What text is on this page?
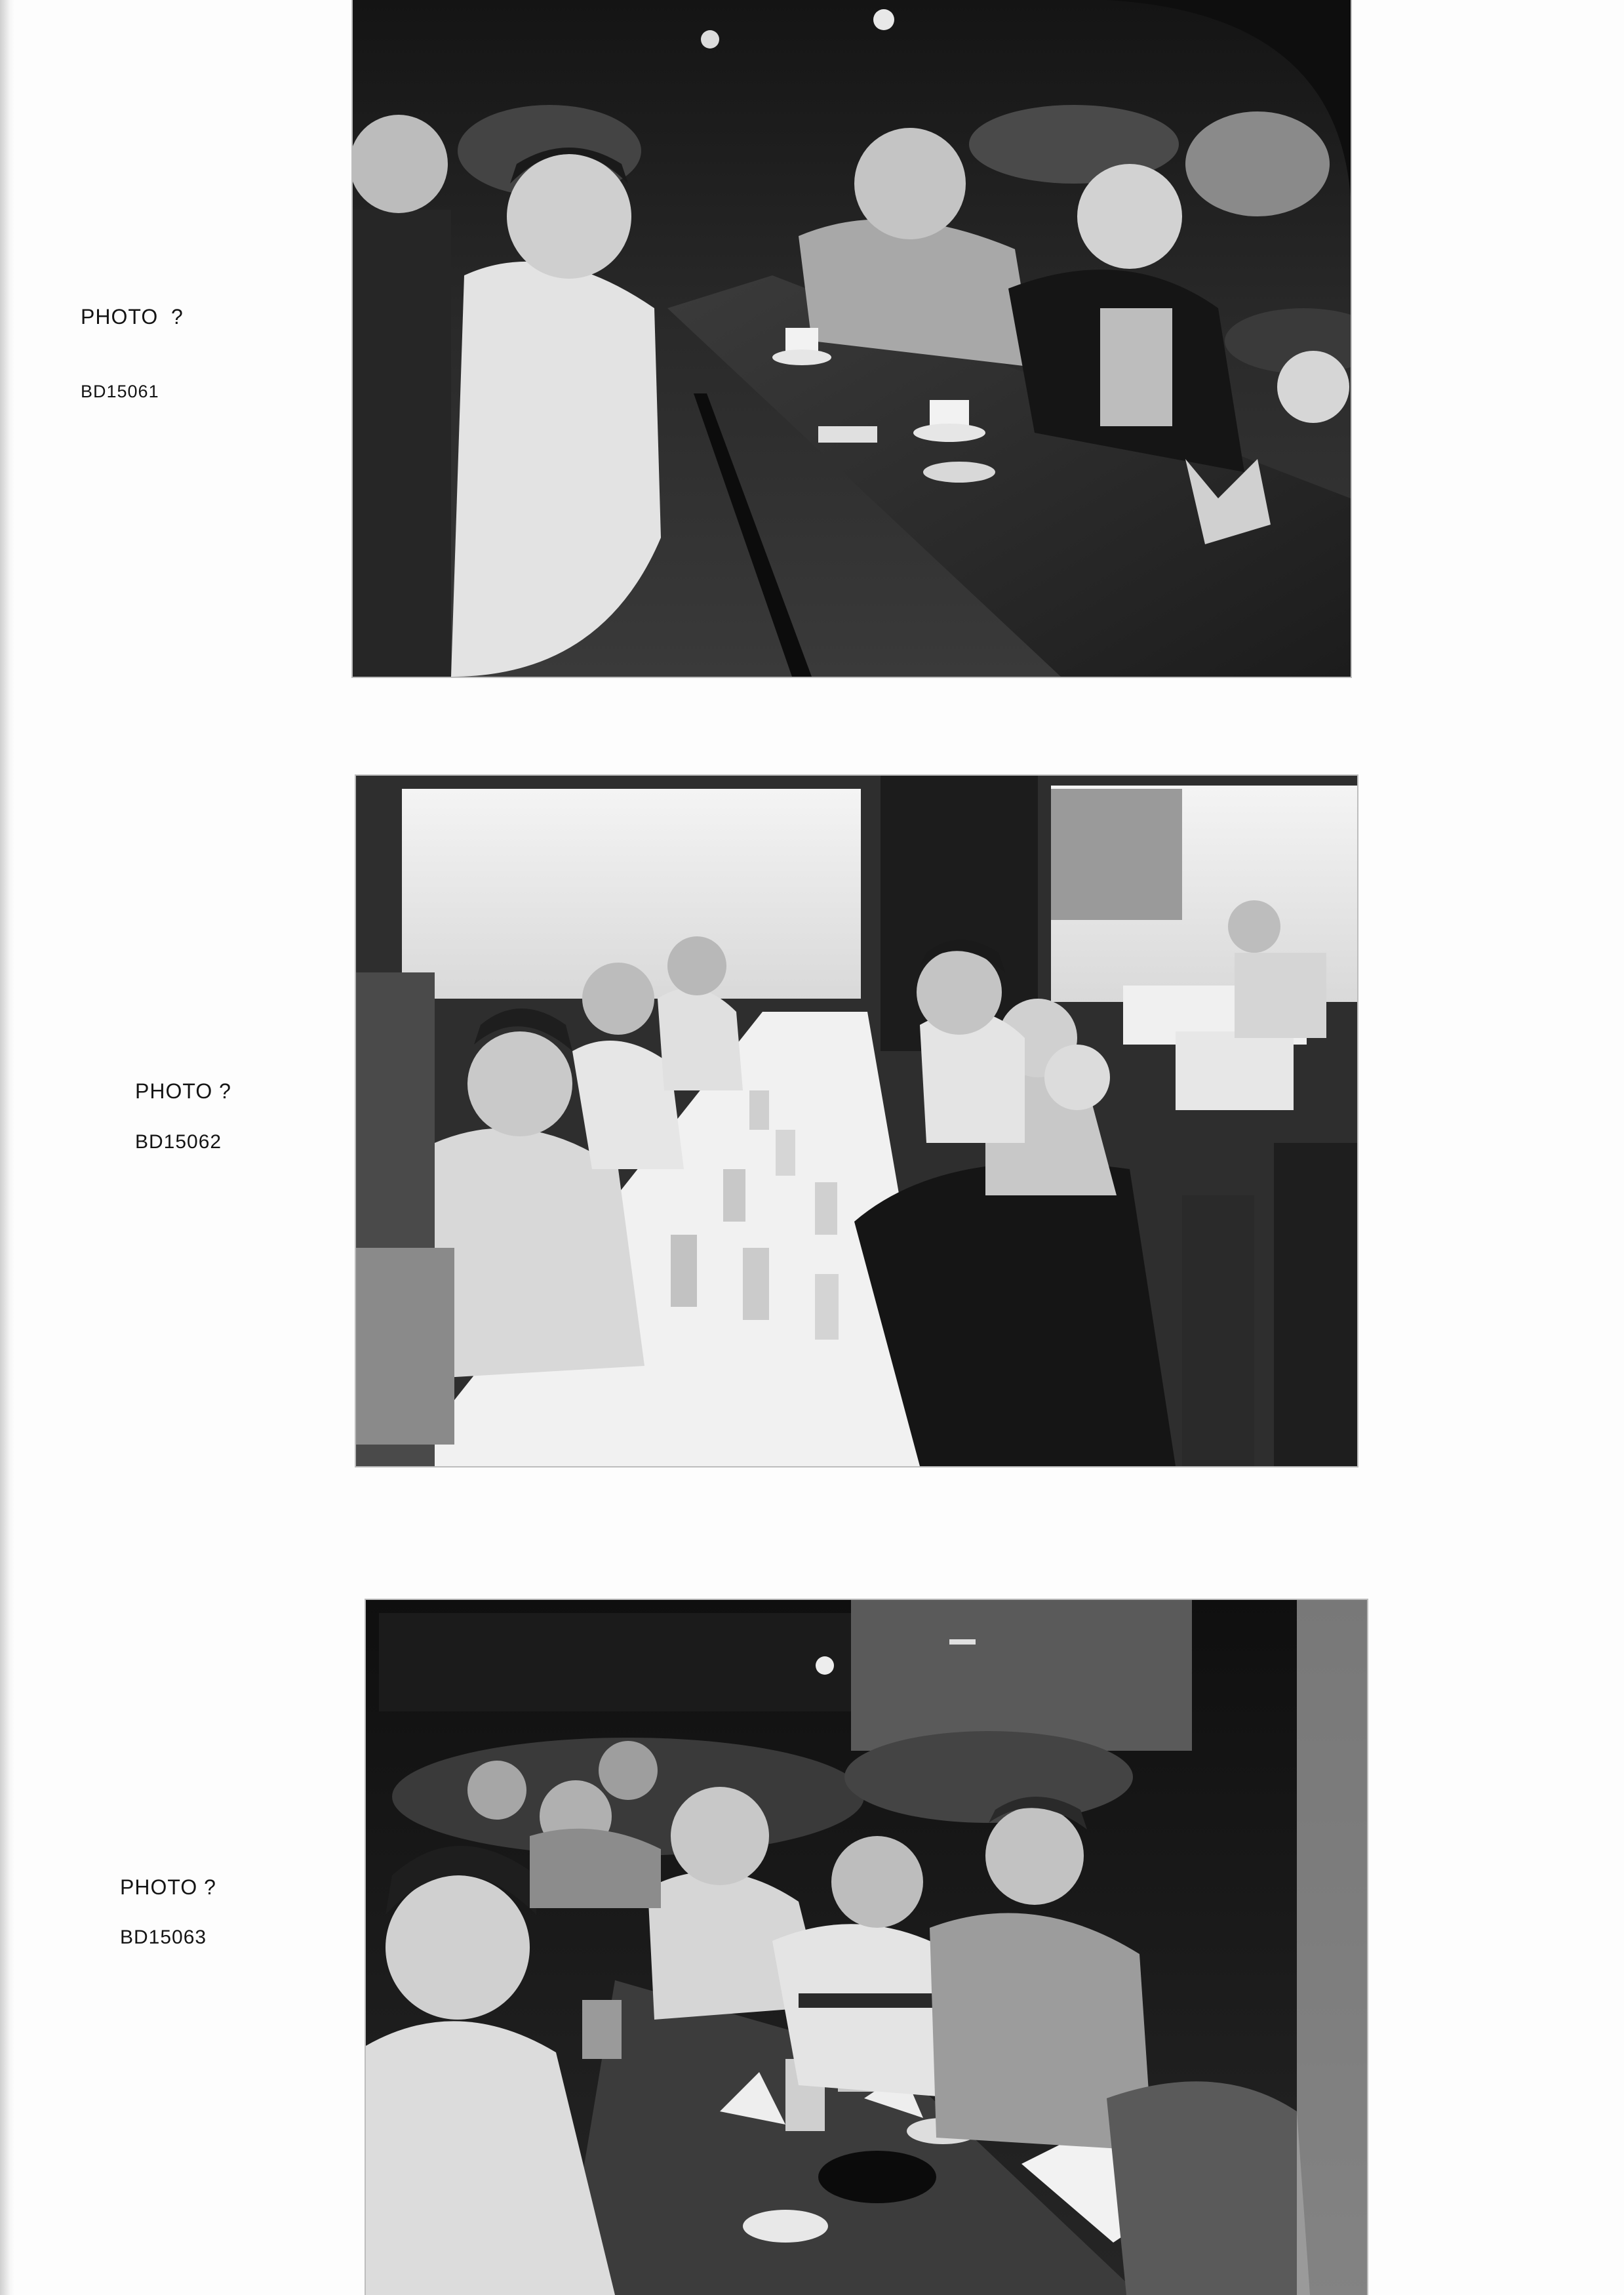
PHOTO  ?
BD15061
PHOTO ?
BD15062
PHOTO ?
BD15063
